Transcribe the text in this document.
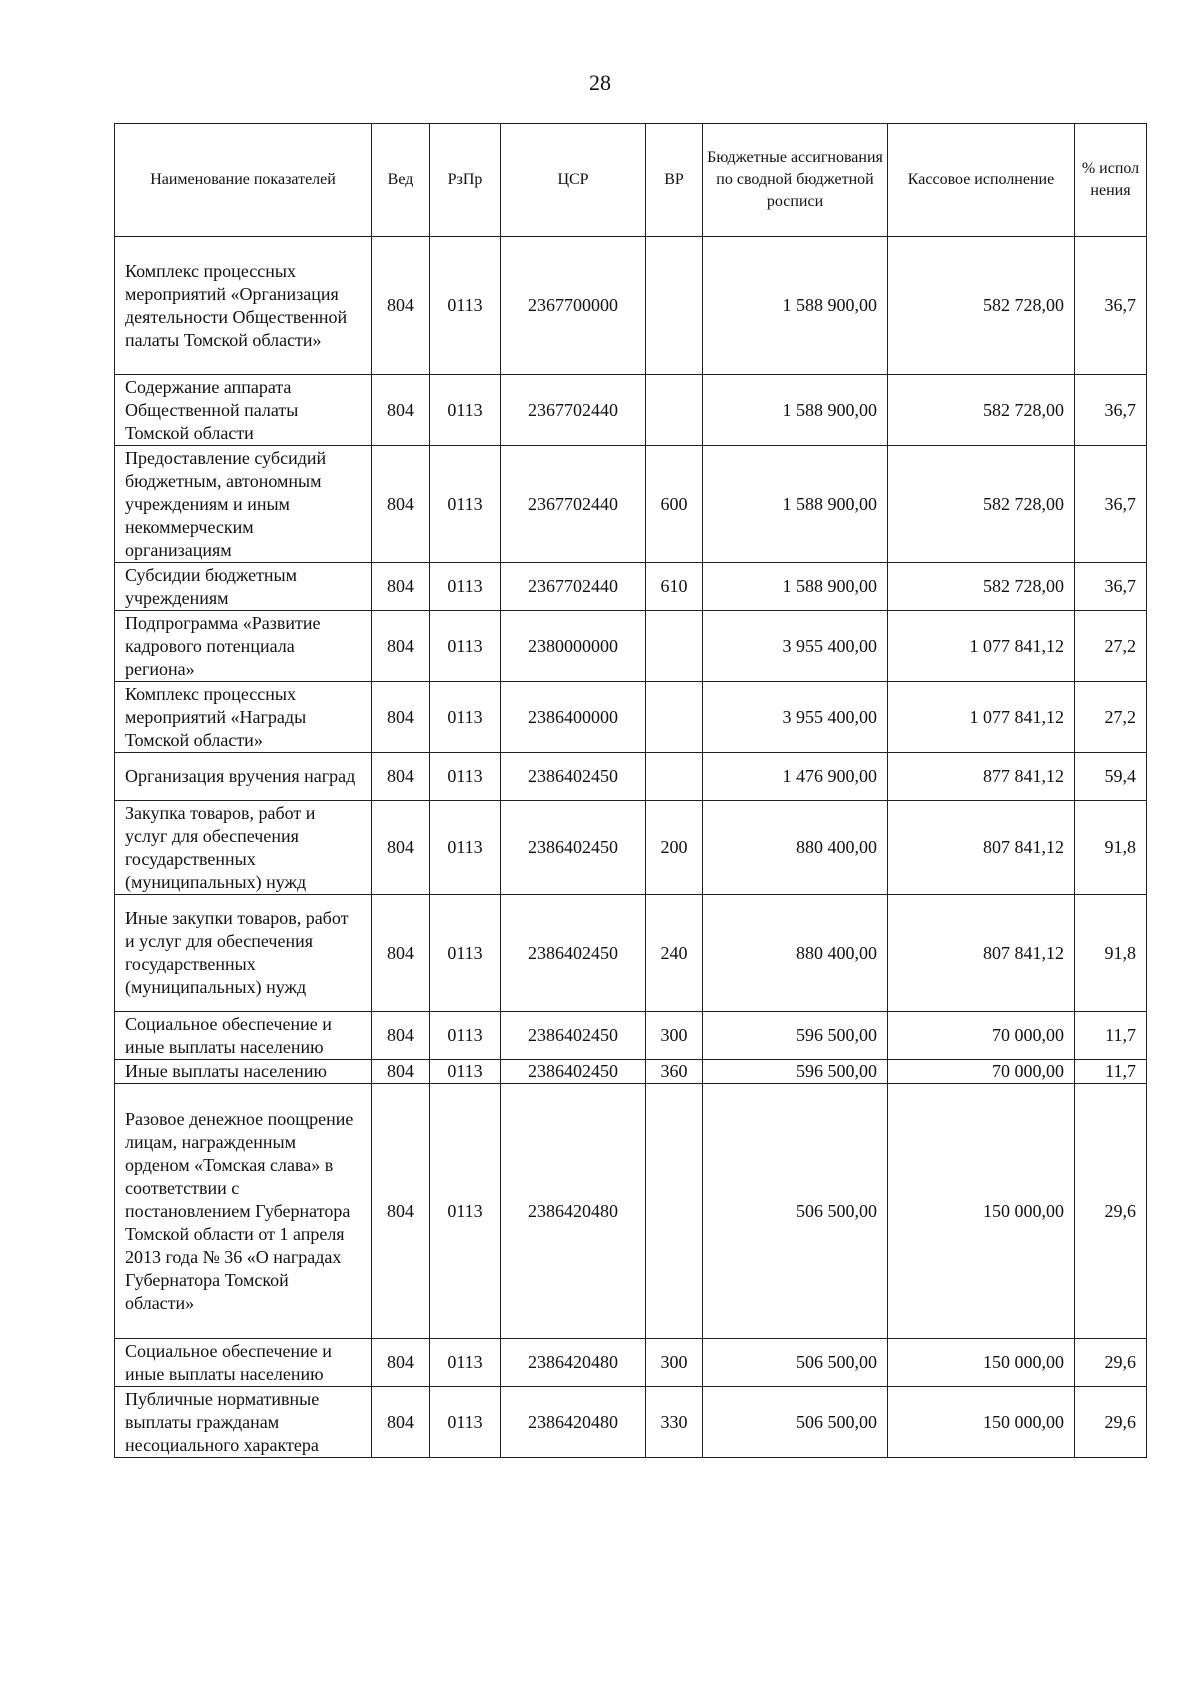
28
Наименование показателей	Вед	РзПр	ЦСР	ВР	Бюджетные ассигнования по сводной бюджетной росписи	Кассовое исполнение	% испол нения
Комплекс процессных мероприятий «Организация деятельности Общественной палаты Томской области»	804	0113	2367700000		1 588 900,00	582 728,00	36,7
Содержание аппарата Общественной палаты Томской области	804	0113	2367702440		1 588 900,00	582 728,00	36,7
Предоставление субсидий бюджетным, автономным учреждениям и иным некоммерческим организациям	804	0113	2367702440	600	1 588 900,00	582 728,00	36,7
Субсидии бюджетным учреждениям	804	0113	2367702440	610	1 588 900,00	582 728,00	36,7
Подпрограмма «Развитие кадрового потенциала региона»	804	0113	2380000000		3 955 400,00	1 077 841,12	27,2
Комплекс процессных мероприятий «Награды Томской области»	804	0113	2386400000		3 955 400,00	1 077 841,12	27,2
Организация вручения наград	804	0113	2386402450		1 476 900,00	877 841,12	59,4
Закупка товаров, работ и услуг для обеспечения государственных (муниципальных) нужд	804	0113	2386402450	200	880 400,00	807 841,12	91,8
Иные закупки товаров, работ и услуг для обеспечения государственных (муниципальных) нужд	804	0113	2386402450	240	880 400,00	807 841,12	91,8
Социальное обеспечение и иные выплаты населению	804	0113	2386402450	300	596 500,00	70 000,00	11,7
Иные выплаты населению	804	0113	2386402450	360	596 500,00	70 000,00	11,7
Разовое денежное поощрение лицам, награжденным орденом «Томская слава» в соответствии с постановлением Губернатора Томской области от 1 апреля 2013 года № 36 «О наградах Губернатора Томской области»	804	0113	2386420480		506 500,00	150 000,00	29,6
Социальное обеспечение и иные выплаты населению	804	0113	2386420480	300	506 500,00	150 000,00	29,6
Публичные нормативные выплаты гражданам несоциального характера	804	0113	2386420480	330	506 500,00	150 000,00	29,6
